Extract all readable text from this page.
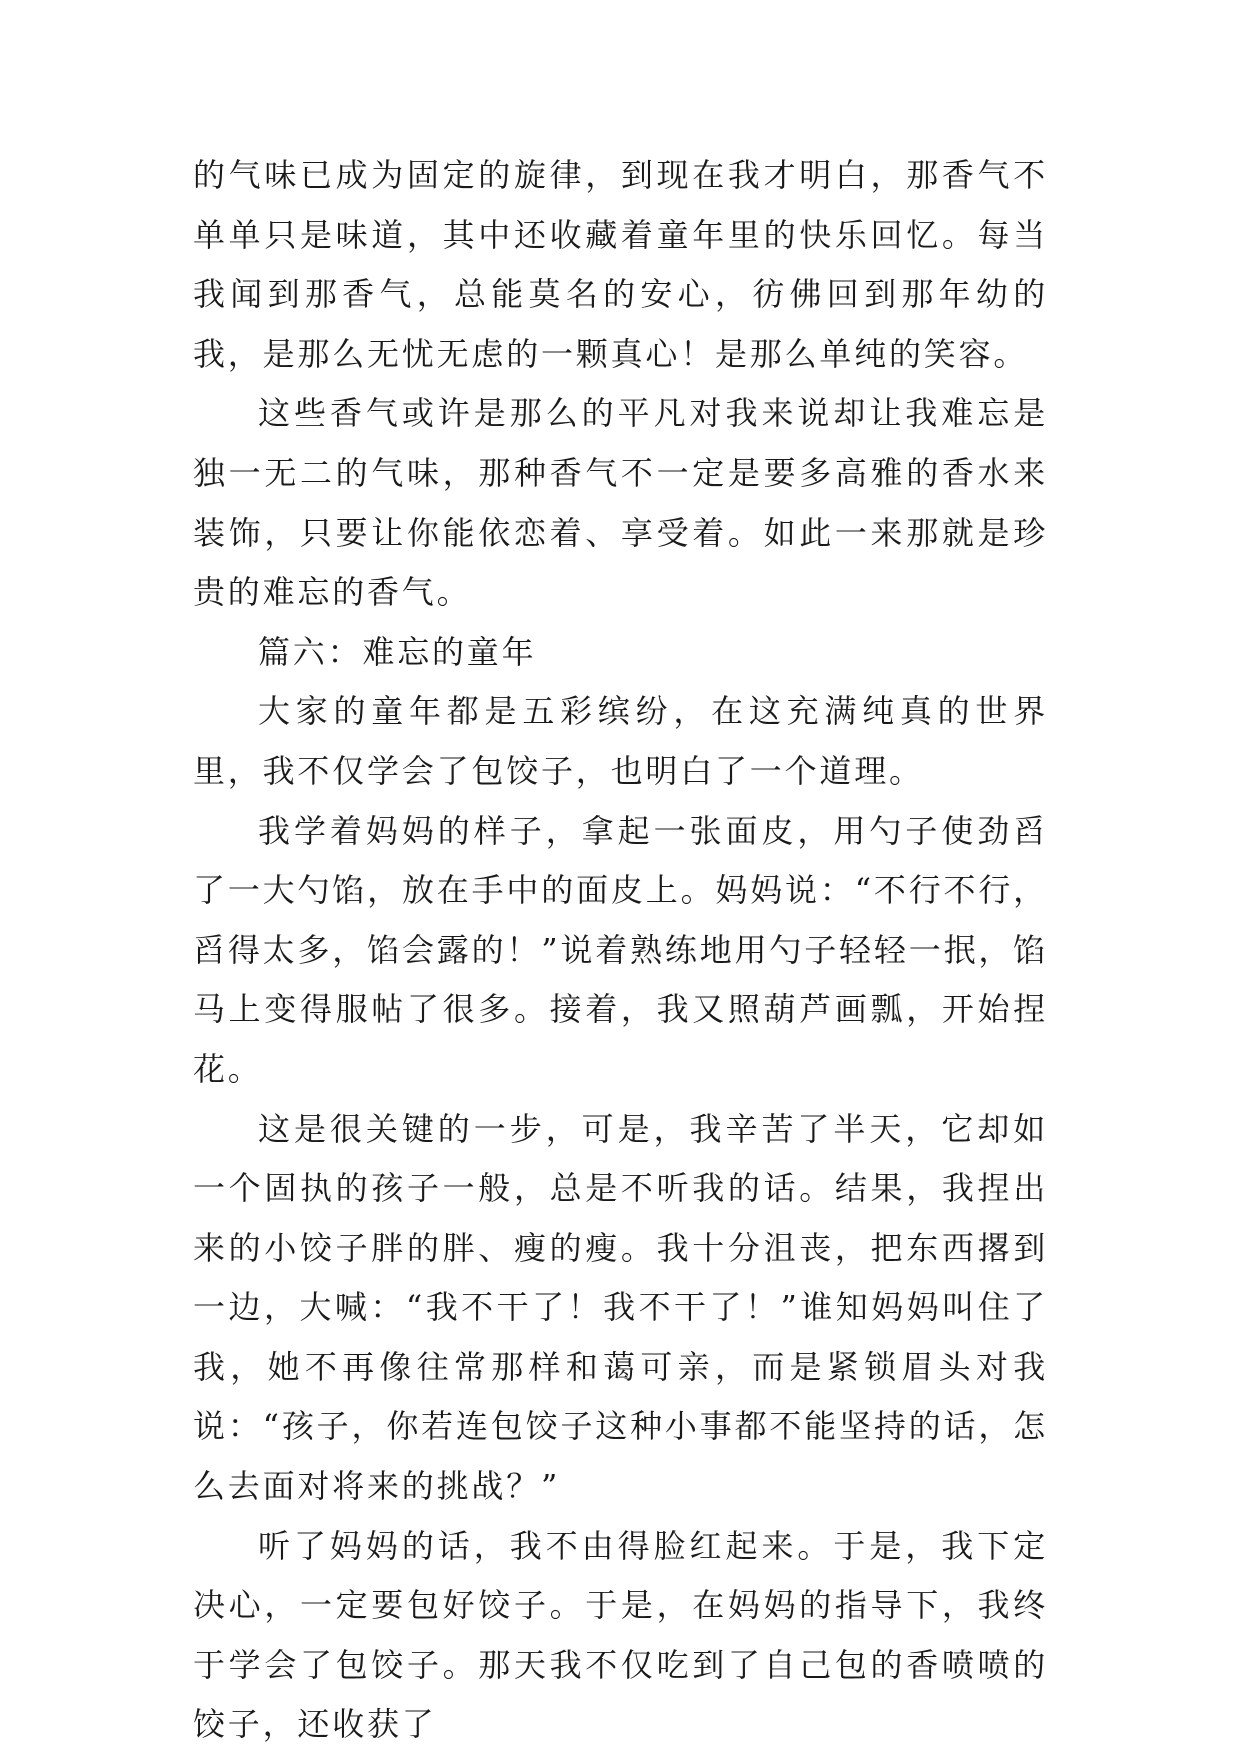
的气味已成为固定的旋律，到现在我才明白，那香气不单单只是味道，其中还收藏着童年里的快乐回忆。每当我闻到那香气，总能莫名的安心，彷佛回到那年幼的我，是那么无忧无虑的一颗真心！是那么单纯的笑容。

这些香气或许是那么的平凡对我来说却让我难忘是独一无二的气味，那种香气不一定是要多高雅的香水来装饰，只要让你能依恋着、享受着。如此一来那就是珍贵的难忘的香气。

篇六：难忘的童年

大家的童年都是五彩缤纷，在这充满纯真的世界里，我不仅学会了包饺子，也明白了一个道理。

我学着妈妈的样子，拿起一张面皮，用勺子使劲舀了一大勺馅，放在手中的面皮上。妈妈说：“不行不行，舀得太多，馅会露的！”说着熟练地用勺子轻轻一抿，馅马上变得服帖了很多。接着，我又照葫芦画瓢，开始捏花。

这是很关键的一步，可是，我辛苦了半天，它却如一个固执的孩子一般，总是不听我的话。结果，我捏出来的小饺子胖的胖、瘦的瘦。我十分沮丧，把东西撂到一边，大喊：“我不干了！我不干了！”谁知妈妈叫住了我，她不再像往常那样和蔼可亲，而是紧锁眉头对我说：“孩子，你若连包饺子这种小事都不能坚持的话，怎么去面对将来的挑战？”

听了妈妈的话，我不由得脸红起来。于是，我下定决心，一定要包好饺子。于是，在妈妈的指导下，我终于学会了包饺子。那天我不仅吃到了自己包的香喷喷的饺子，还收获了
